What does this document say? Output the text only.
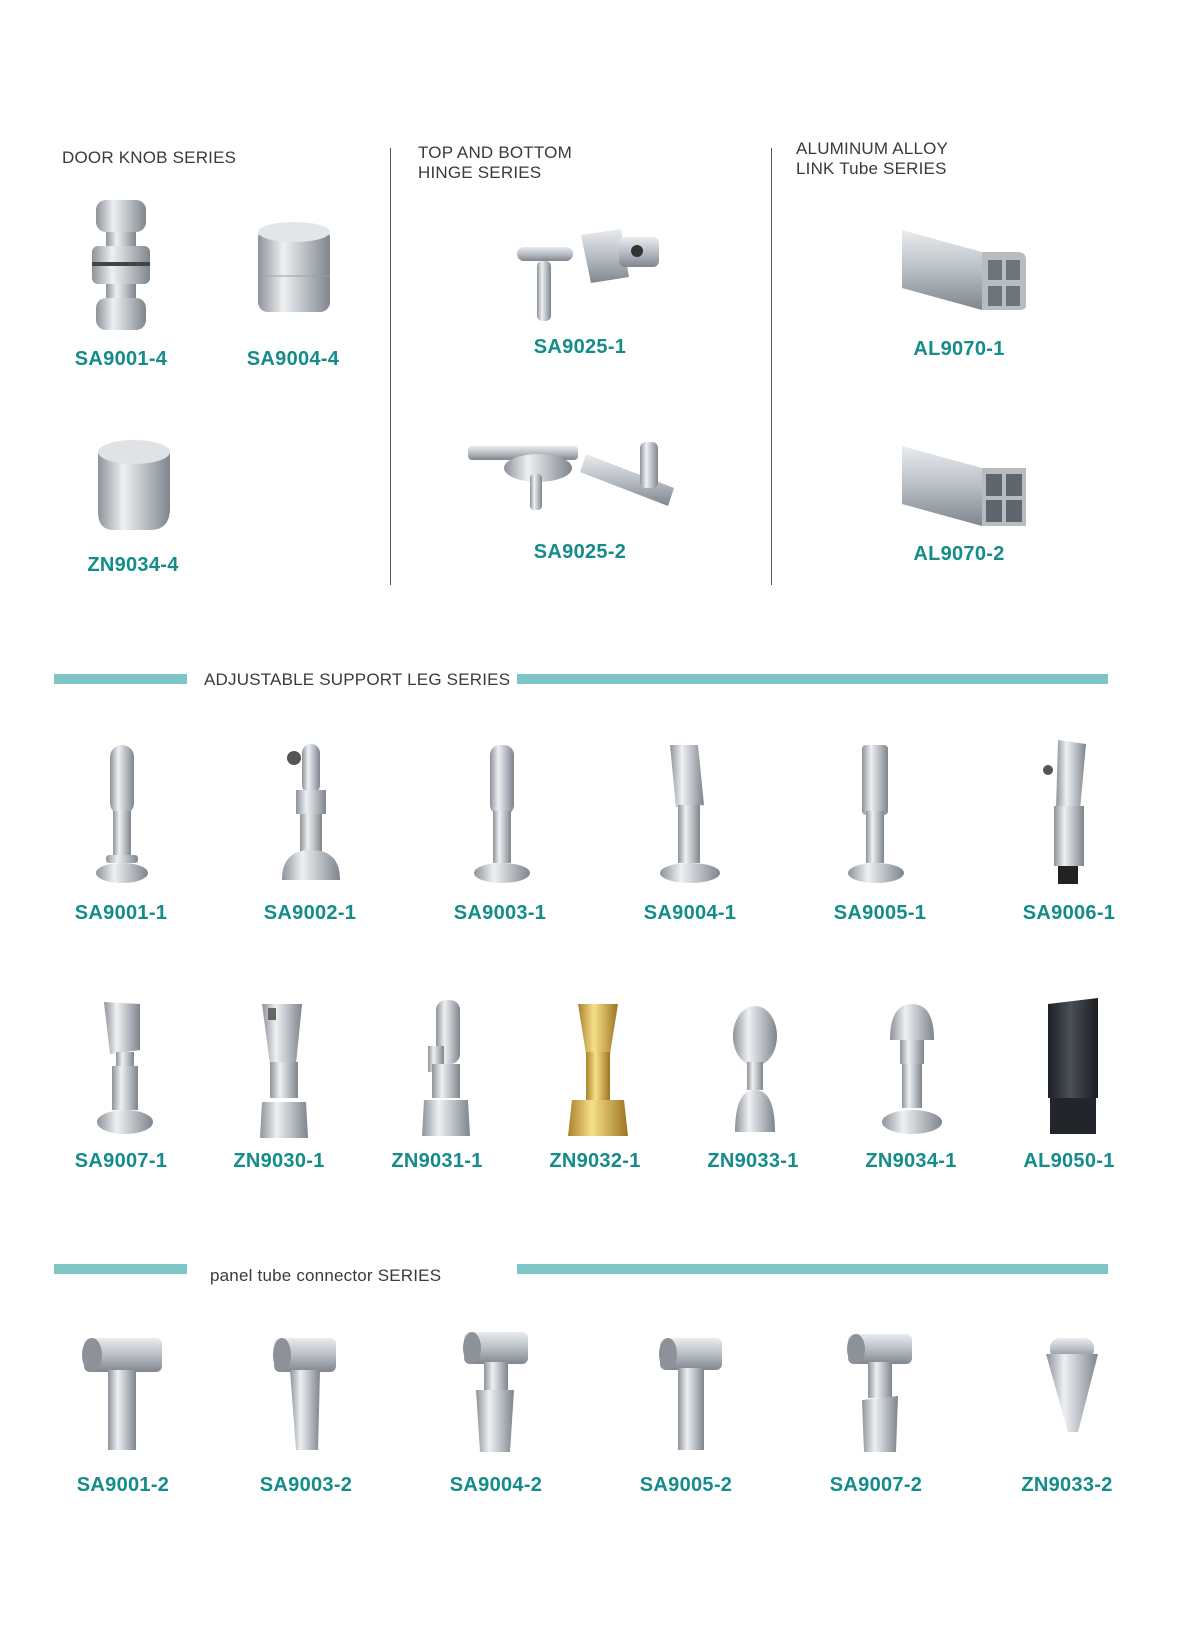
DOOR KNOB SERIES	TOP AND BOTTOM
HINGE SERIES
ALUMINUM ALLOY
LINK Tube SERIES
SA9001-4	SA9004-4
ZN9034-4
SA9025-1
SA9025-2
AL9070-1
AL9070-2
ADJUSTABLE SUPPORT LEG SERIES
SA9001-1	SA9002-1	SA9003-1	SA9004-1	SA9005-1	SA9006-1
SA9007-1	ZN9030-1	ZN9031-1	ZN9032-1	ZN9033-1	ZN9034-1	AL9050-1
panel tube connector SERIES
SA9001-2	SA9003-2	SA9004-2	SA9005-2	SA9007-2	ZN9033-2
